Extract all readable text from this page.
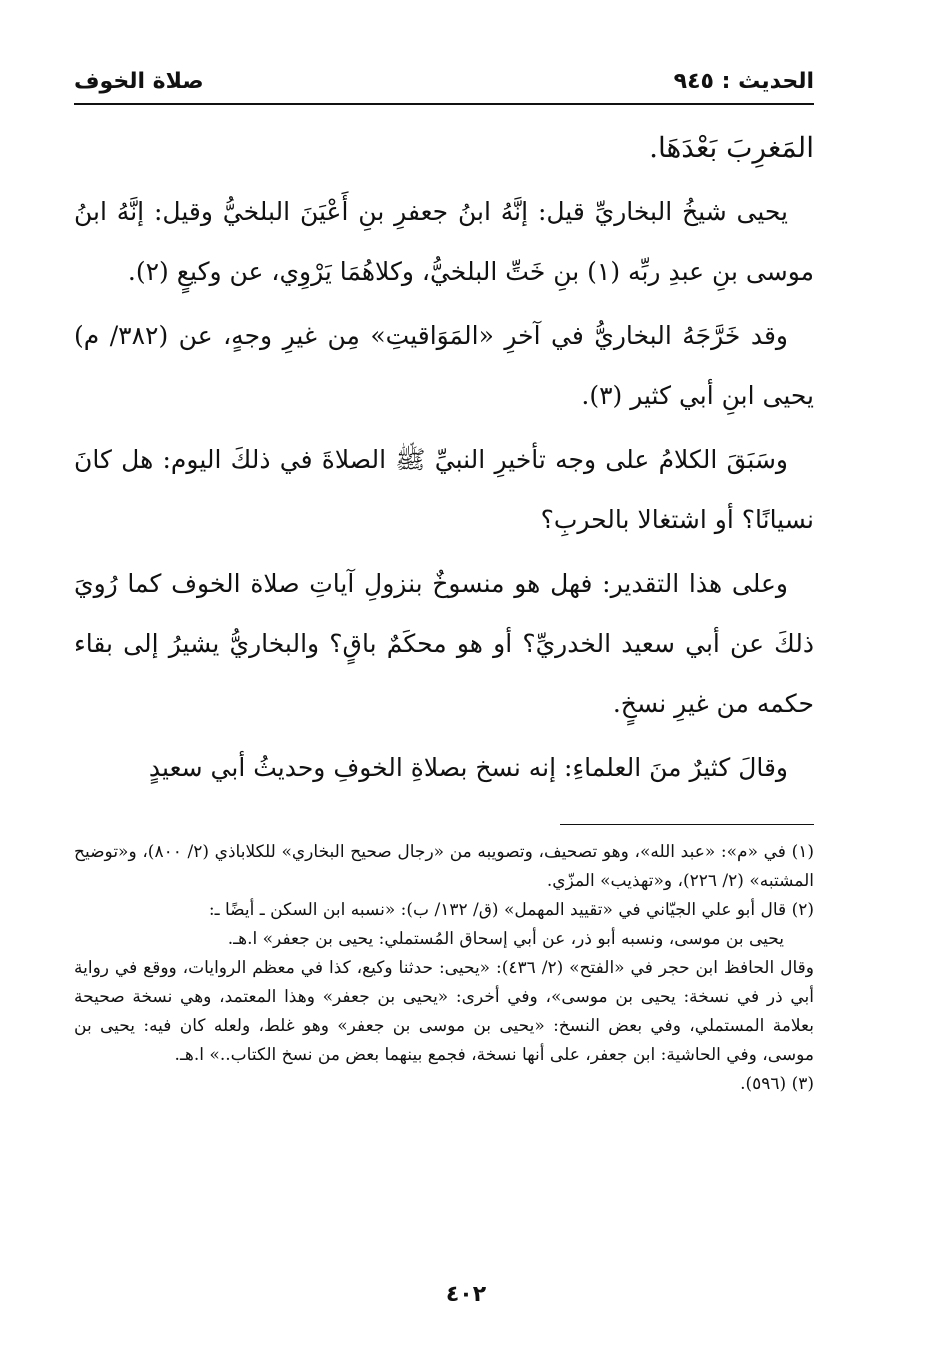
الحديث : ٩٤٥
صلاة الخوف

المَغرِبَ بَعْدَهَا.

يحيى شيخُ البخاريِّ قيل: إنَّهُ ابنُ جعفرِ بنِ أَعْيَنَ البلخيُّ وقيل: إنَّهُ ابنُ موسى بنِ عبدِ ربِّه (١) بنِ خَتِّ البلخيُّ، وكلاهُمَا يَرْوِي، عن وكيعٍ (٢).

وقد خَرَّجَهُ البخاريُّ في آخرِ «المَوَاقيتِ» مِن غيرِ وجهٍ، عن (٣٨٢/ م) يحيى ابنِ أبي كثير (٣).

وسَبَقَ الكلامُ على وجه تأخيرِ النبيِّ ﷺ الصلاةَ في ذلكَ اليوم: هل كانَ نسيانًا؟ أو اشتغالا بالحربِ؟

وعلى هذا التقدير: فهل هو منسوخٌ بنزولِ آياتِ صلاة الخوف كما رُويَ ذلكَ عن أبي سعيد الخدريِّ؟ أو هو محكَمٌ باقٍ؟ والبخاريُّ يشيرُ إلى بقاء حكمه من غيرِ نسخٍ.

وقالَ كثيرٌ منَ العلماءِ: إنه نسخ بصلاةِ الخوفِ وحديثُ أبي سعيدٍ

(١) في «م»: «عبد الله»، وهو تصحيف، وتصويبه من «رجال صحيح البخاري» للكلاباذي (٢/ ٨٠٠)، و«توضيح المشتبه» (٢/ ٢٢٦)، و«تهذيب» المزّي.

(٢) قال أبو علي الجيّاني في «تقييد المهمل» (ق/ ١٣٢/ ب): «نسبه ابن السكن ـ أيضًا ـ:

يحيى بن موسى، ونسبه أبو ذر، عن أبي إسحاق المُستملي: يحيى بن جعفر» ا.هـ.

وقال الحافظ ابن حجر في «الفتح» (٢/ ٤٣٦): «يحيى: حدثنا وكيع، كذا في معظم الروايات، ووقع في رواية أبي ذر في نسخة: يحيى بن موسى»، وفي أخرى: «يحيى بن جعفر» وهذا المعتمد، وهي نسخة صحيحة بعلامة المستملي، وفي بعض النسخ: «يحيى بن موسى بن جعفر» وهو غلط، ولعله كان فيه: يحيى بن موسى، وفي الحاشية: ابن جعفر، على أنها نسخة، فجمع بينهما بعض من نسخ الكتاب..» ا.هـ.

(٣) (٥٩٦).

٤٠٢
